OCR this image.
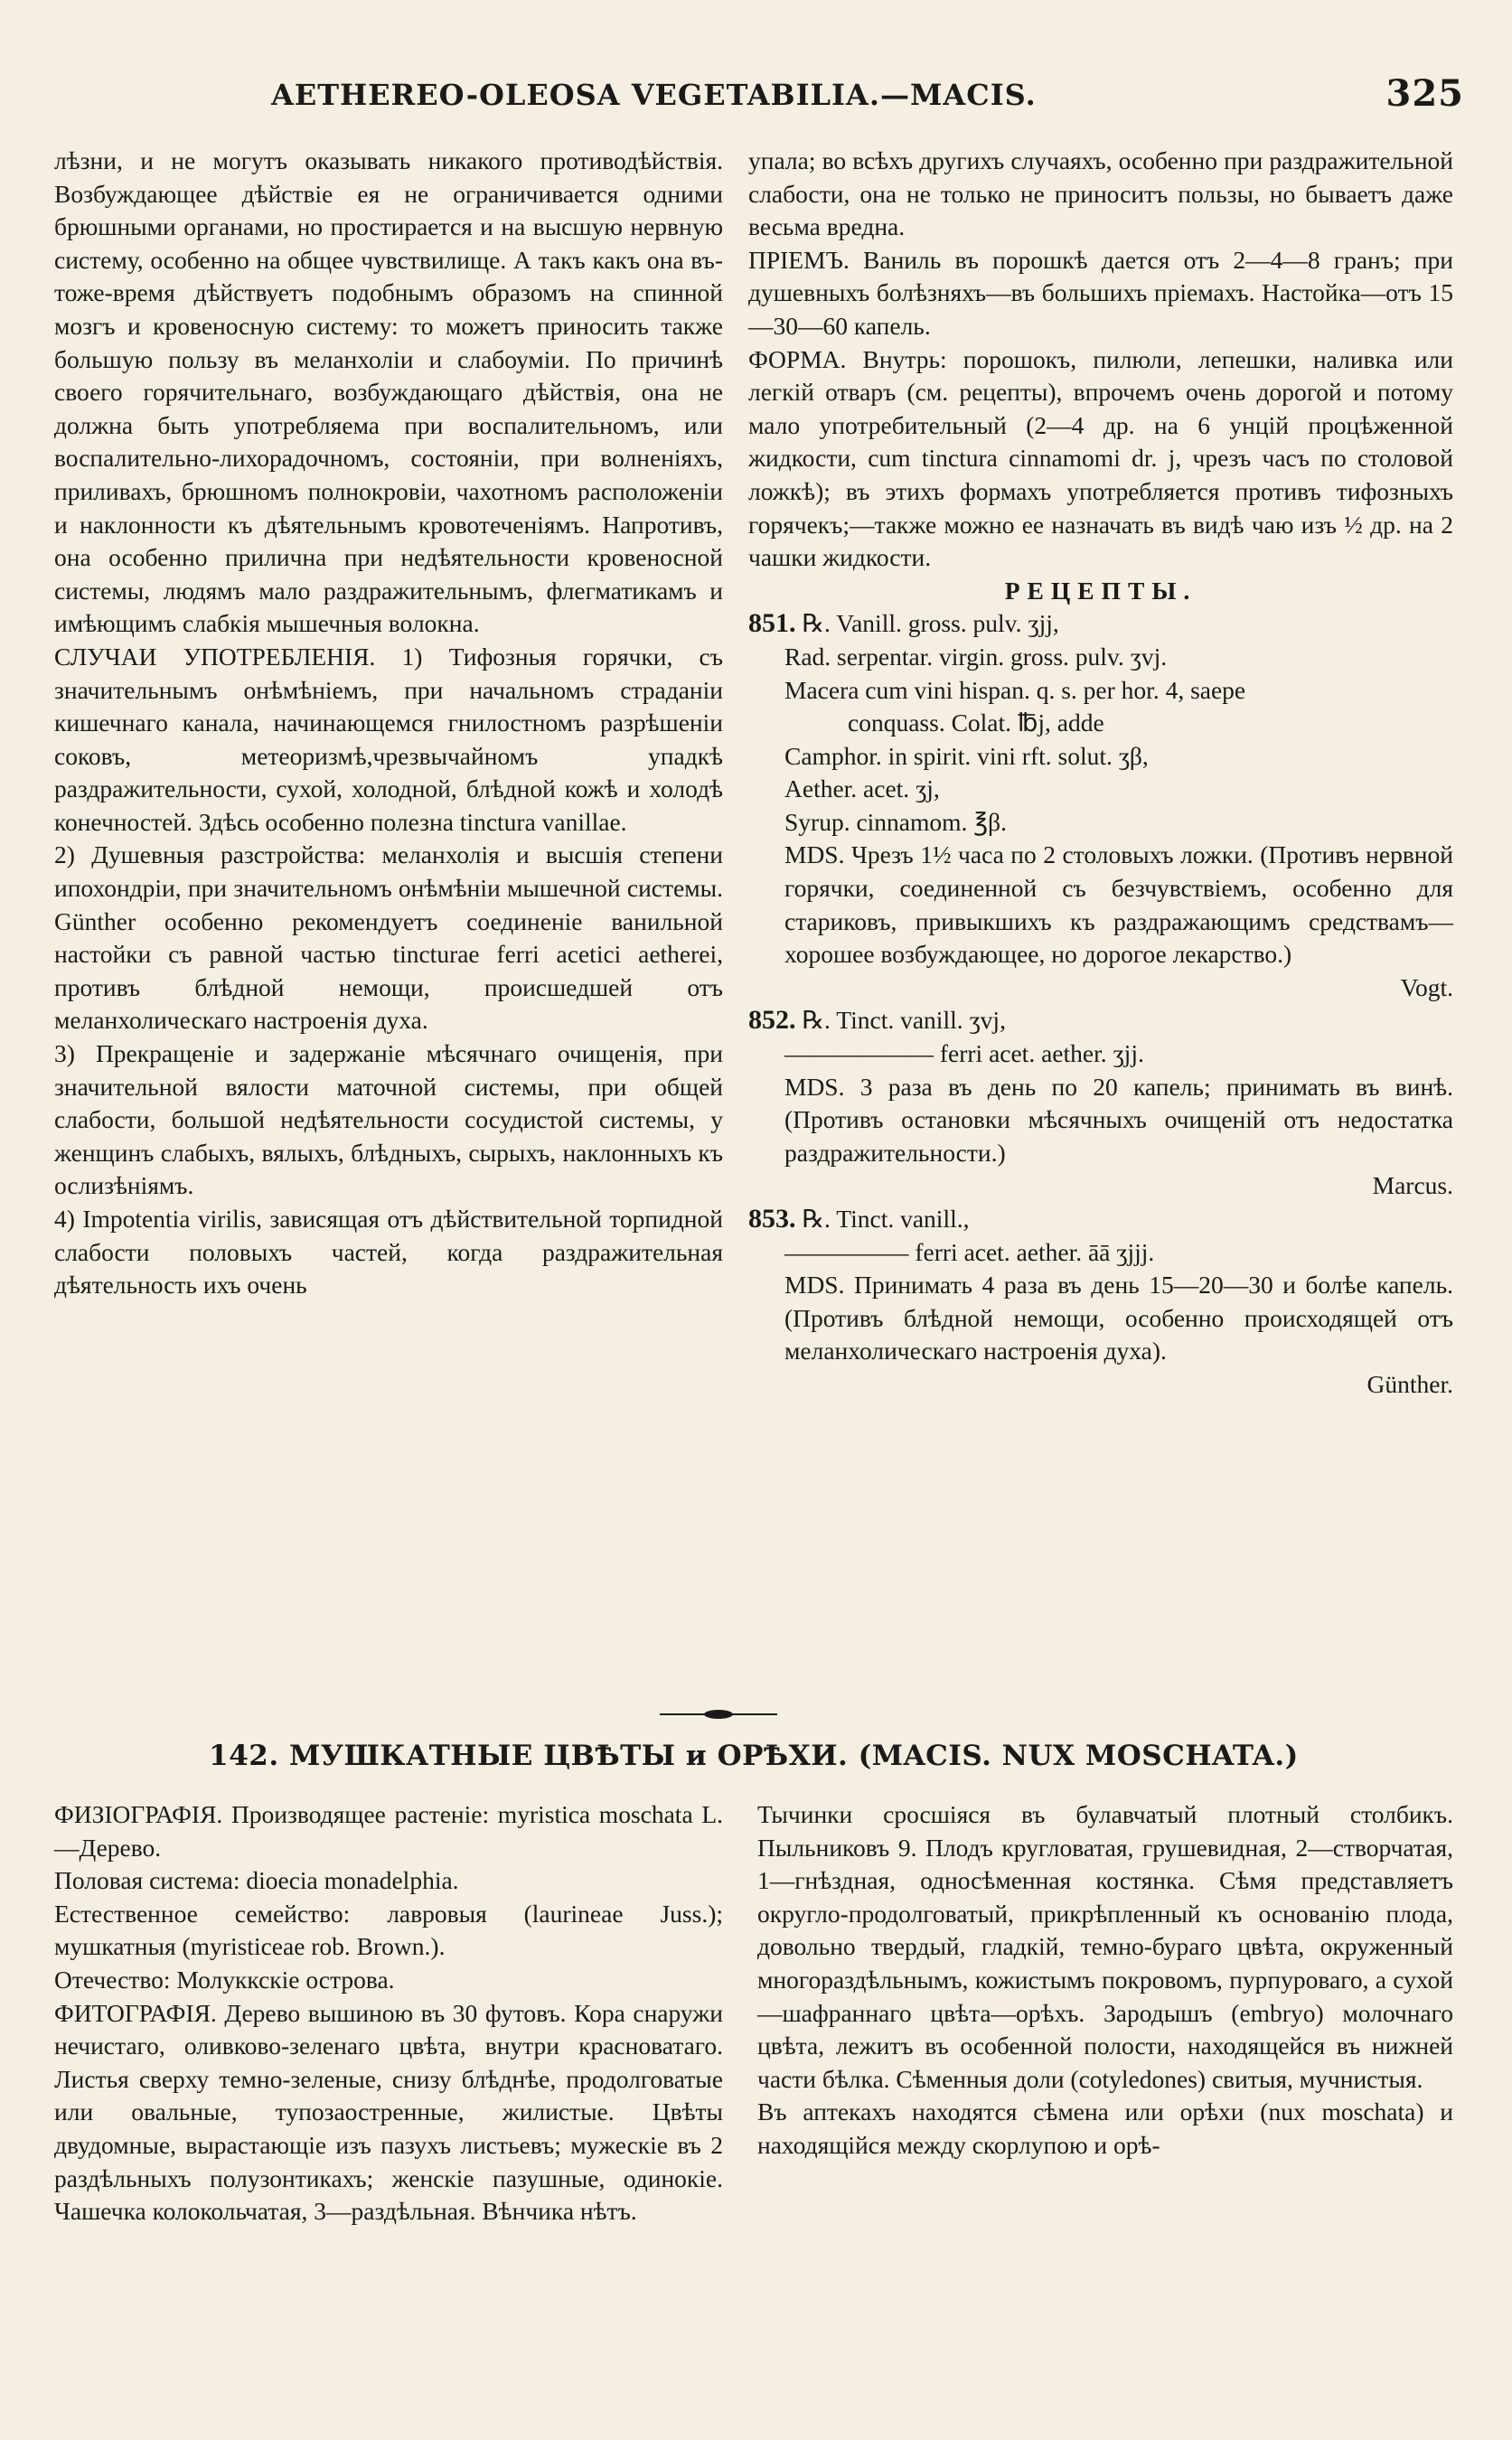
AETHEREO-OLEOSA VEGETABILIA.—MACIS.	325

лѣзни, и не могутъ оказывать никакого противодѣйствія. Возбуждающее дѣйствіе ея не ограничивается одними брюшными органами, но простирается и на высшую нервную систему, особенно на общее чувствилище. А такъ какъ она въ-тоже-время дѣйствуетъ подобнымъ образомъ на спинной мозгъ и кровеносную систему: то можетъ приносить также большую пользу въ меланхоліи и слабоуміи. По причинѣ своего горячительнаго, возбуждающаго дѣйствія, она не должна быть употребляема при воспалительномъ, или воспалительно-лихорадочномъ, состояніи, при волненіяхъ, приливахъ, брюшномъ полнокровіи, чахотномъ расположеніи и наклонности къ дѣятельнымъ кровотеченіямъ. Напротивъ, она особенно прилична при недѣятельности кровеносной системы, людямъ мало раздражительнымъ, флегматикамъ и имѣющимъ слабкія мышечныя волокна.

СЛУЧАИ УПОТРЕБЛЕНІЯ. 1) Тифозныя горячки, съ значительнымъ онѣмѣніемъ, при начальномъ страданіи кишечнаго канала, начинающемся гнилостномъ разрѣшеніи соковъ, метеоризмѣ,чрезвычайномъ упадкѣ раздражительности, сухой, холодной, блѣдной кожѣ и холодѣ конечностей. Здѣсь особенно полезна tinctura vanillae.

2) Душевныя разстройства: меланхолія и высшія степени ипохондріи, при значительномъ онѣмѣніи мышечной системы. Günther особенно рекомендуетъ соединеніе ванильной настойки съ равной частью tincturae ferri acetici aetherei, противъ блѣдной немощи, происшедшей отъ меланхолическаго настроенія духа.

3) Прекращеніе и задержаніе мѣсячнаго очищенія, при значительной вялости маточной системы, при общей слабости, большой недѣятельности сосудистой системы, у женщинъ слабыхъ, вялыхъ, блѣдныхъ, сырыхъ, наклонныхъ къ ослизѣніямъ.

4) Impotentia virilis, зависящая отъ дѣйствительной торпидной слабости половыхъ частей, когда раздражительная дѣятельность ихъ очень

упала; во всѣхъ другихъ случаяхъ, особенно при раздражительной слабости, она не только не приноситъ пользы, но бываетъ даже весьма вредна.

ПРІЕМЪ. Ваниль въ порошкѣ дается отъ 2—4—8 гранъ; при душевныхъ болѣзняхъ—въ большихъ пріемахъ. Настойка—отъ 15—30—60 капель.

ФОРМА. Внутрь: порошокъ, пилюли, лепешки, наливка или легкій отваръ (см. рецепты), впрочемъ очень дорогой и потому мало употребительный (2—4 др. на 6 унцій процѣженной жидкости, cum tinctura cinnamomi dr. j, чрезъ часъ по столовой ложкѣ); въ этихъ формахъ употребляется противъ тифозныхъ горячекъ;—также можно ее назначать въ видѣ чаю изъ ½ др. на 2 чашки жидкости.

РЕЦЕПТЫ.

851. ℞. Vanill. gross. pulv. ʒjj,

Rad. serpentar. virgin. gross. pulv. ʒvj.

Macera cum vini hispan. q. s. per hor. 4, saepe

conquass. Colat. ℔j, adde

Camphor. in spirit. vini rft. solut. ʒβ,

Aether. acet. ʒj,

Syrup. cinnamom. ℥β.

MDS. Чрезъ 1½ часа по 2 столовыхъ ложки. (Противъ нервной горячки, соединенной съ безчувствіемъ, особенно для стариковъ, привыкшихъ къ раздражающимъ средствамъ—хорошее возбуждающее, но дорогое лекарство.)

Vogt.

852. ℞. Tinct. vanill. ʒvj,

—————— ferri acet. aether. ʒjj.

MDS. 3 раза въ день по 20 капель; принимать въ винѣ. (Противъ остановки мѣсячныхъ очищеній отъ недостатка раздражительности.)

Marcus.

853. ℞. Tinct. vanill.,

————— ferri acet. aether. āā ʒjjj.

MDS. Принимать 4 раза въ день 15—20—30 и болѣе капель. (Противъ блѣдной немощи, особенно происходящей отъ меланхолическаго настроенія духа).

Günther.

142. МУШКАТНЫЕ ЦВѢТЫ и ОРѢХИ. (MACIS. NUX MOSCHATA.)

ФИЗІОГРАФІЯ. Производящее растеніе: myristica moschata L.—Дерево.

Половая система: dioecia monadelphia.

Естественное семейство: лавровыя (laurineae Juss.); мушкатныя (myristiceae rob. Brown.).

Отечество: Молуккскіе острова.

ФИТОГРАФІЯ. Дерево вышиною въ 30 футовъ. Кора снаружи нечистаго, оливково-зеленаго цвѣта, внутри красноватаго. Листья сверху темно-зеленые, снизу блѣднѣе, продолговатые или овальные, тупозаостренные, жилистые. Цвѣты двудомные, вырастающіе изъ пазухъ листьевъ; мужескіе въ 2 раздѣльныхъ полузонтикахъ; женскіе пазушные, одинокіе. Чашечка колокольчатая, 3—раздѣльная. Вѣнчика нѣтъ.

Тычинки сросшіяся въ булавчатый плотный столбикъ. Пыльниковъ 9. Плодъ кругловатая, грушевидная, 2—створчатая, 1—гнѣздная, односѣменная костянка. Сѣмя представляетъ округло-продолговатый, прикрѣпленный къ основанію плода, довольно твердый, гладкій, темно-бураго цвѣта, окруженный многораздѣльнымъ, кожистымъ покровомъ, пурпуроваго, а сухой—шафраннаго цвѣта—орѣхъ. Зародышъ (embryo) молочнаго цвѣта, лежитъ въ особенной полости, находящейся въ нижней части бѣлка. Сѣменныя доли (cotyledones) свитыя, мучнистыя.

Въ аптекахъ находятся сѣмена или орѣхи (nux moschata) и находящійся между скорлупою и орѣ-
